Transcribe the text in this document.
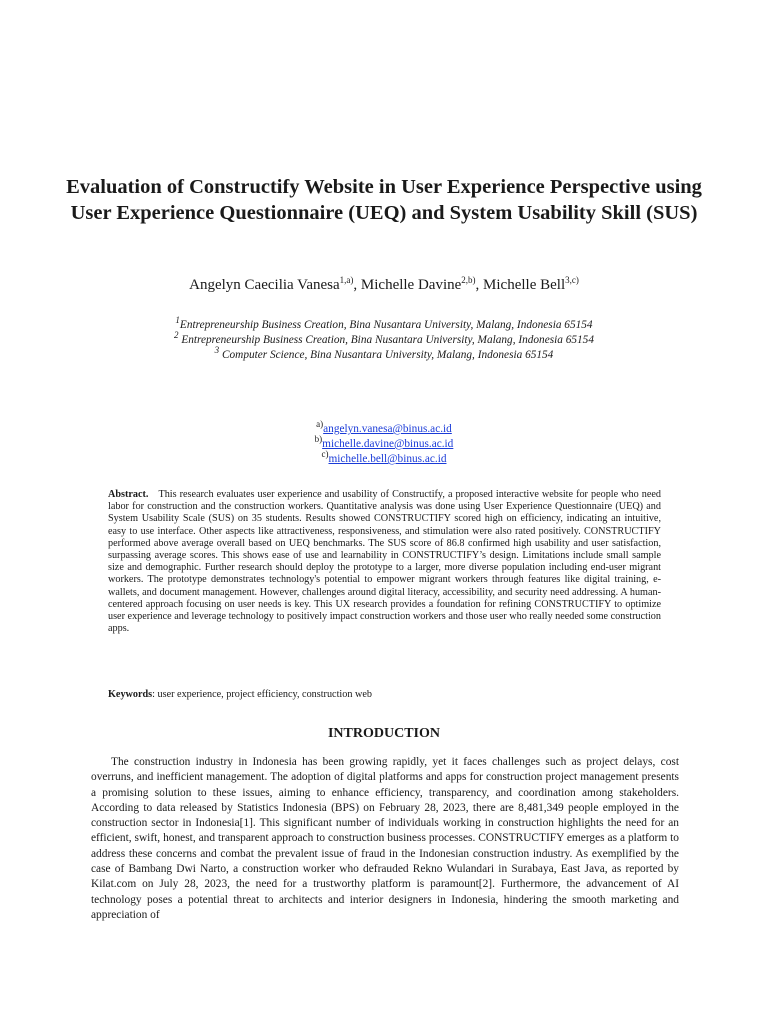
Evaluation of Constructify Website in User Experience Perspective using User Experience Questionnaire (UEQ) and System Usability Skill (SUS)
Angelyn Caecilia Vanesa$^{1,a)}$, Michelle Davine$^{2,b)}$, Michelle Bell$^{3,c)}$
$^1$Entrepreneurship Business Creation, Bina Nusantara University, Malang, Indonesia 65154
$^2$ Entrepreneurship Business Creation, Bina Nusantara University, Malang, Indonesia 65154
$^3$ Computer Science, Bina Nusantara University, Malang, Indonesia 65154
$^{a)}$angelyn.vanesa@binus.ac.id
$^{b)}$michelle.davine@binus.ac.id
$^{c)}$michelle.bell@binus.ac.id

Abstract. This research evaluates user experience and usability of Constructify, a proposed interactive website for people who need labor for construction and the construction workers. Quantitative analysis was done using User Experience Questionnaire (UEQ) and System Usability Scale (SUS) on 35 students. Results showed CONSTRUCTIFY scored high on efficiency, indicating an intuitive, easy to use interface. Other aspects like attractiveness, responsiveness, and stimulation were also rated positively. CONSTRUCTIFY performed above average overall based on UEQ benchmarks. The SUS score of 86.8 confirmed high usability and user satisfaction, surpassing average scores. This shows ease of use and learnability in CONSTRUCTIFY’s design. Limitations include small sample size and demographic. Further research should deploy the prototype to a larger, more diverse population including end-user migrant workers. The prototype demonstrates technology's potential to empower migrant workers through features like digital training, e-wallets, and document management. However, challenges around digital literacy, accessibility, and security need addressing. A human-centered approach focusing on user needs is key. This UX research provides a foundation for refining CONSTRUCTIFY to optimize user experience and leverage technology to positively impact construction workers and those user who really needed some construction apps.

Keywords: user experience, project efficiency, construction web

INTRODUCTION

The construction industry in Indonesia has been growing rapidly, yet it faces challenges such as project delays, cost overruns, and inefficient management. The adoption of digital platforms and apps for construction project management presents a promising solution to these issues, aiming to enhance efficiency, transparency, and coordination among stakeholders. According to data released by Statistics Indonesia (BPS) on February 28, 2023, there are 8,481,349 people employed in the construction sector in Indonesia[1]. This significant number of individuals working in construction highlights the need for an efficient, swift, honest, and transparent approach to construction business processes. CONSTRUCTIFY emerges as a platform to address these concerns and combat the prevalent issue of fraud in the Indonesian construction industry. As exemplified by the case of Bambang Dwi Narto, a construction worker who defrauded Rekno Wulandari in Surabaya, East Java, as reported by Kilat.com on July 28, 2023, the need for a trustworthy platform is paramount[2]. Furthermore, the advancement of AI technology poses a potential threat to architects and interior designers in Indonesia, hindering the smooth marketing and appreciation of
